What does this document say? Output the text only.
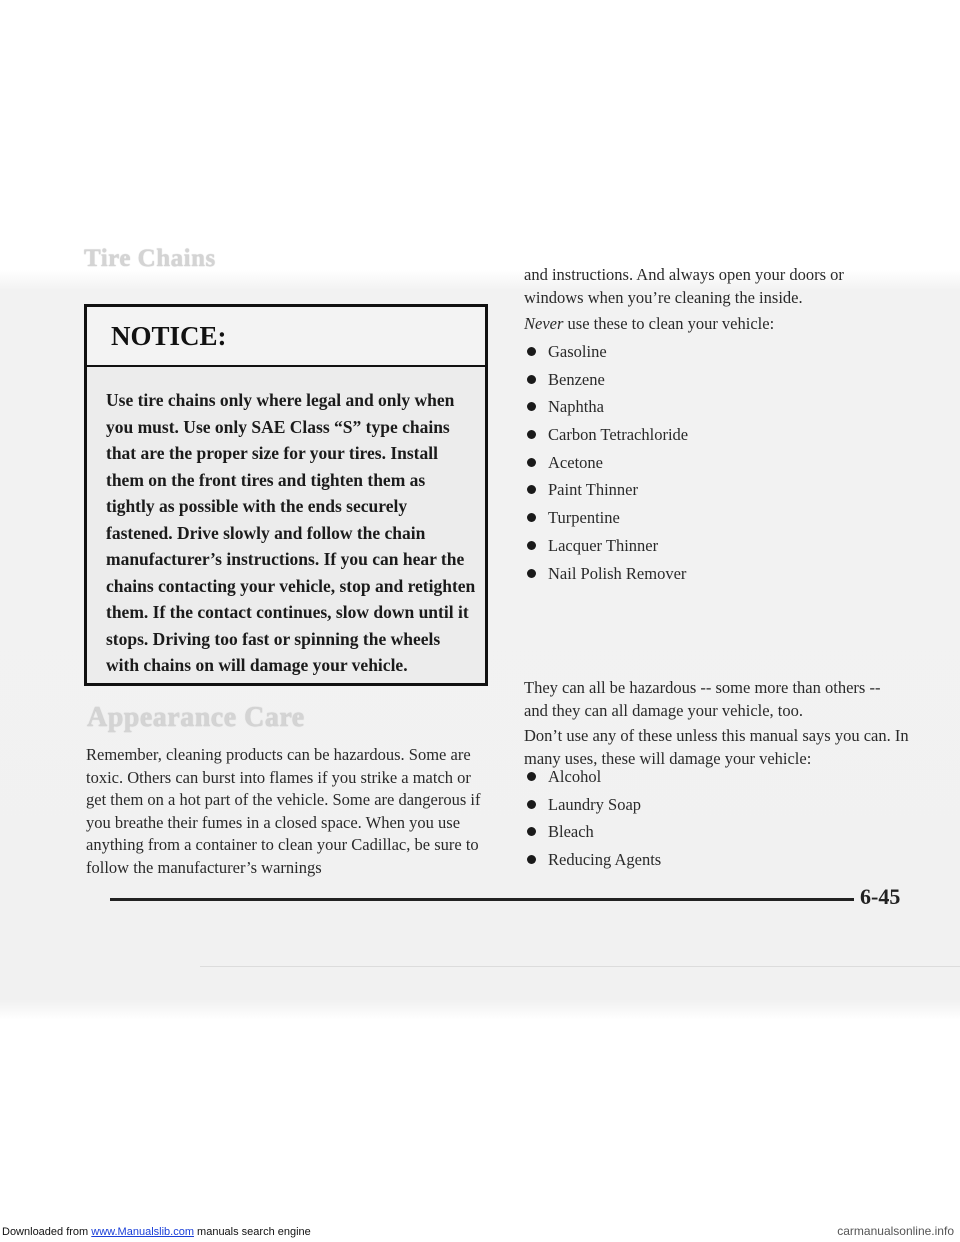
Tire Chains
NOTICE:
Use tire chains only where legal and only when you must. Use only SAE Class “S” type chains that are the proper size for your tires. Install them on the front tires and tighten them as tightly as possible with the ends securely fastened. Drive slowly and follow the chain manufacturer’s instructions. If you can hear the chains contacting your vehicle, stop and retighten them. If the contact continues, slow down until it stops. Driving too fast or spinning the wheels with chains on will damage your vehicle.
Appearance Care
Remember, cleaning products can be hazardous. Some are toxic. Others can burst into flames if you strike a match or get them on a hot part of the vehicle. Some are dangerous if you breathe their fumes in a closed space. When you use anything from a container to clean your Cadillac, be sure to follow the manufacturer’s warnings
and instructions. And always open your doors or windows when you’re cleaning the inside.
Never use these to clean your vehicle:
Gasoline
Benzene
Naphtha
Carbon Tetrachloride
Acetone
Paint Thinner
Turpentine
Lacquer Thinner
Nail Polish Remover
They can all be hazardous -- some more than others -- and they can all damage your vehicle, too.
Don’t use any of these unless this manual says you can. In many uses, these will damage your vehicle:
Alcohol
Laundry Soap
Bleach
Reducing Agents
6-45
Downloaded from www.Manualslib.com manuals search engine	carmanualsonline.info
